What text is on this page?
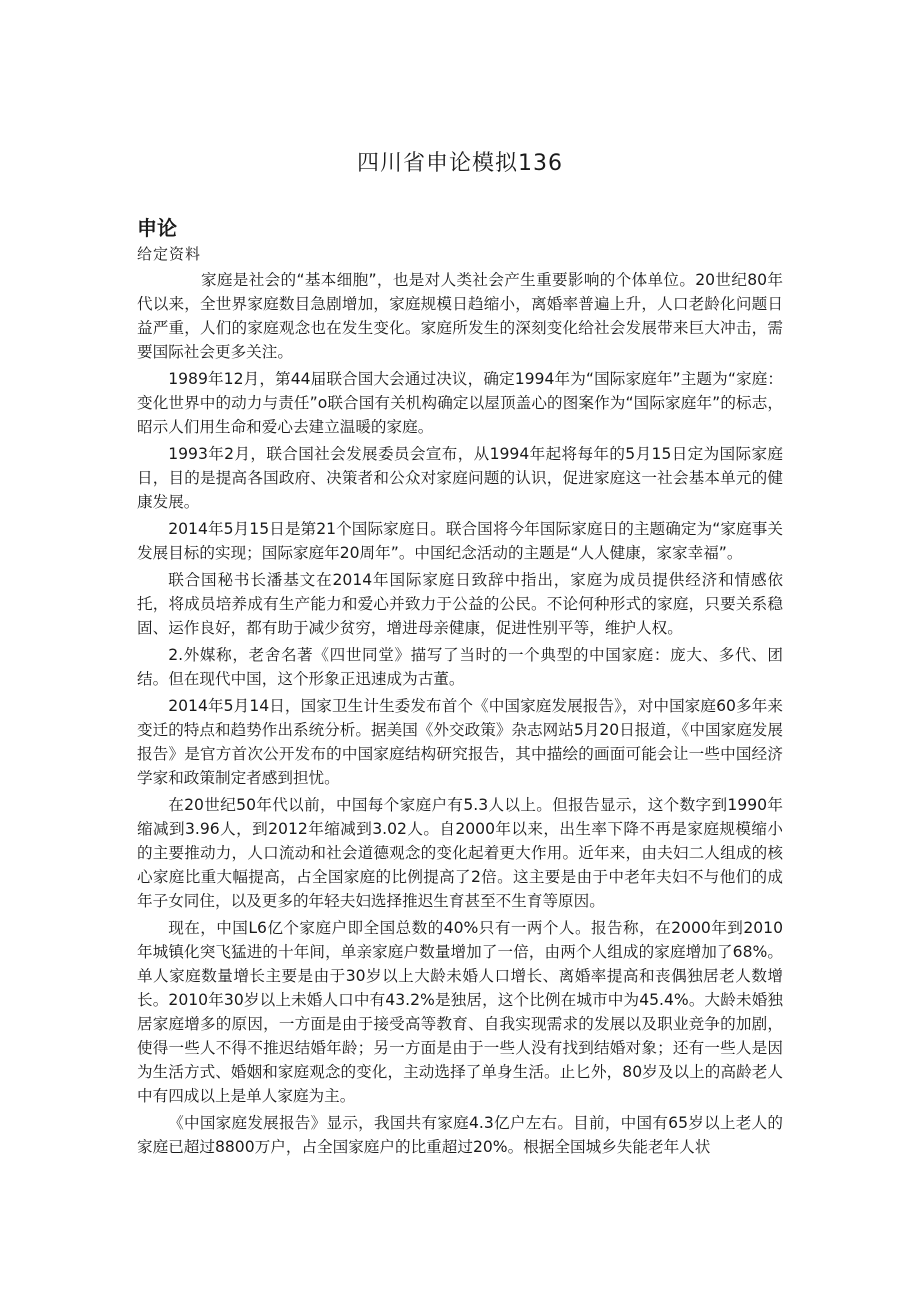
四川省申论模拟136
申论
给定资料

家庭是社会的“基本细胞”，也是对人类社会产生重要影响的个体单位。20世纪80年代以来，全世界家庭数目急剧增加，家庭规模日趋缩小，离婚率普遍上升，人口老龄化问题日益严重，人们的家庭观念也在发生变化。家庭所发生的深刻变化给社会发展带来巨大冲击，需要国际社会更多关注。

1989年12月，第44届联合国大会通过决议，确定1994年为“国际家庭年”主题为“家庭：变化世界中的动力与责任”o联合国有关机构确定以屋顶盖心的图案作为“国际家庭年”的标志，昭示人们用生命和爱心去建立温暖的家庭。

1993年2月，联合国社会发展委员会宣布，从1994年起将每年的5月15日定为国际家庭日，目的是提高各国政府、决策者和公众对家庭问题的认识，促进家庭这一社会基本单元的健康发展。

2014年5月15日是第21个国际家庭日。联合国将今年国际家庭日的主题确定为“家庭事关发展目标的实现；国际家庭年20周年”。中国纪念活动的主题是“人人健康，家家幸福”。

联合国秘书长潘基文在2014年国际家庭日致辞中指出，家庭为成员提供经济和情感依托，将成员培养成有生产能力和爱心并致力于公益的公民。不论何种形式的家庭，只要关系稳固、运作良好，都有助于减少贫穷，增进母亲健康，促进性别平等，维护人权。

2.外媒称，老舍名著《四世同堂》描写了当时的一个典型的中国家庭：庞大、多代、团结。但在现代中国，这个形象正迅速成为古董。

2014年5月14日，国家卫生计生委发布首个《中国家庭发展报告》，对中国家庭60多年来变迁的特点和趋势作出系统分析。据美国《外交政策》杂志网站5月20日报道，《中国家庭发展报告》是官方首次公开发布的中国家庭结构研究报告，其中描绘的画面可能会让一些中国经济学家和政策制定者感到担忧。

在20世纪50年代以前，中国每个家庭户有5.3人以上。但报告显示，这个数字到1990年缩减到3.96人，到2012年缩减到3.02人。自2000年以来，出生率下降不再是家庭规模缩小的主要推动力，人口流动和社会道德观念的变化起着更大作用。近年来，由夫妇二人组成的核心家庭比重大幅提高，占全国家庭的比例提高了2倍。这主要是由于中老年夫妇不与他们的成年子女同住，以及更多的年轻夫妇选择推迟生育甚至不生育等原因。

现在，中国L6亿个家庭户即全国总数的40%只有一两个人。报告称，在2000年到2010年城镇化突飞猛进的十年间，单亲家庭户数量增加了一倍，由两个人组成的家庭增加了68%。单人家庭数量增长主要是由于30岁以上大龄未婚人口增长、离婚率提高和丧偶独居老人数增长。2010年30岁以上未婚人口中有43.2%是独居，这个比例在城市中为45.4%。大龄未婚独居家庭增多的原因，一方面是由于接受高等教育、自我实现需求的发展以及职业竞争的加剧，使得一些人不得不推迟结婚年龄；另一方面是由于一些人没有找到结婚对象；还有一些人是因为生活方式、婚姻和家庭观念的变化，主动选择了单身生活。止匕外，80岁及以上的高龄老人中有四成以上是单人家庭为主。

《中国家庭发展报告》显示，我国共有家庭4.3亿户左右。目前，中国有65岁以上老人的家庭已超过8800万户，占全国家庭户的比重超过20%。根据全国城乡失能老年人状
